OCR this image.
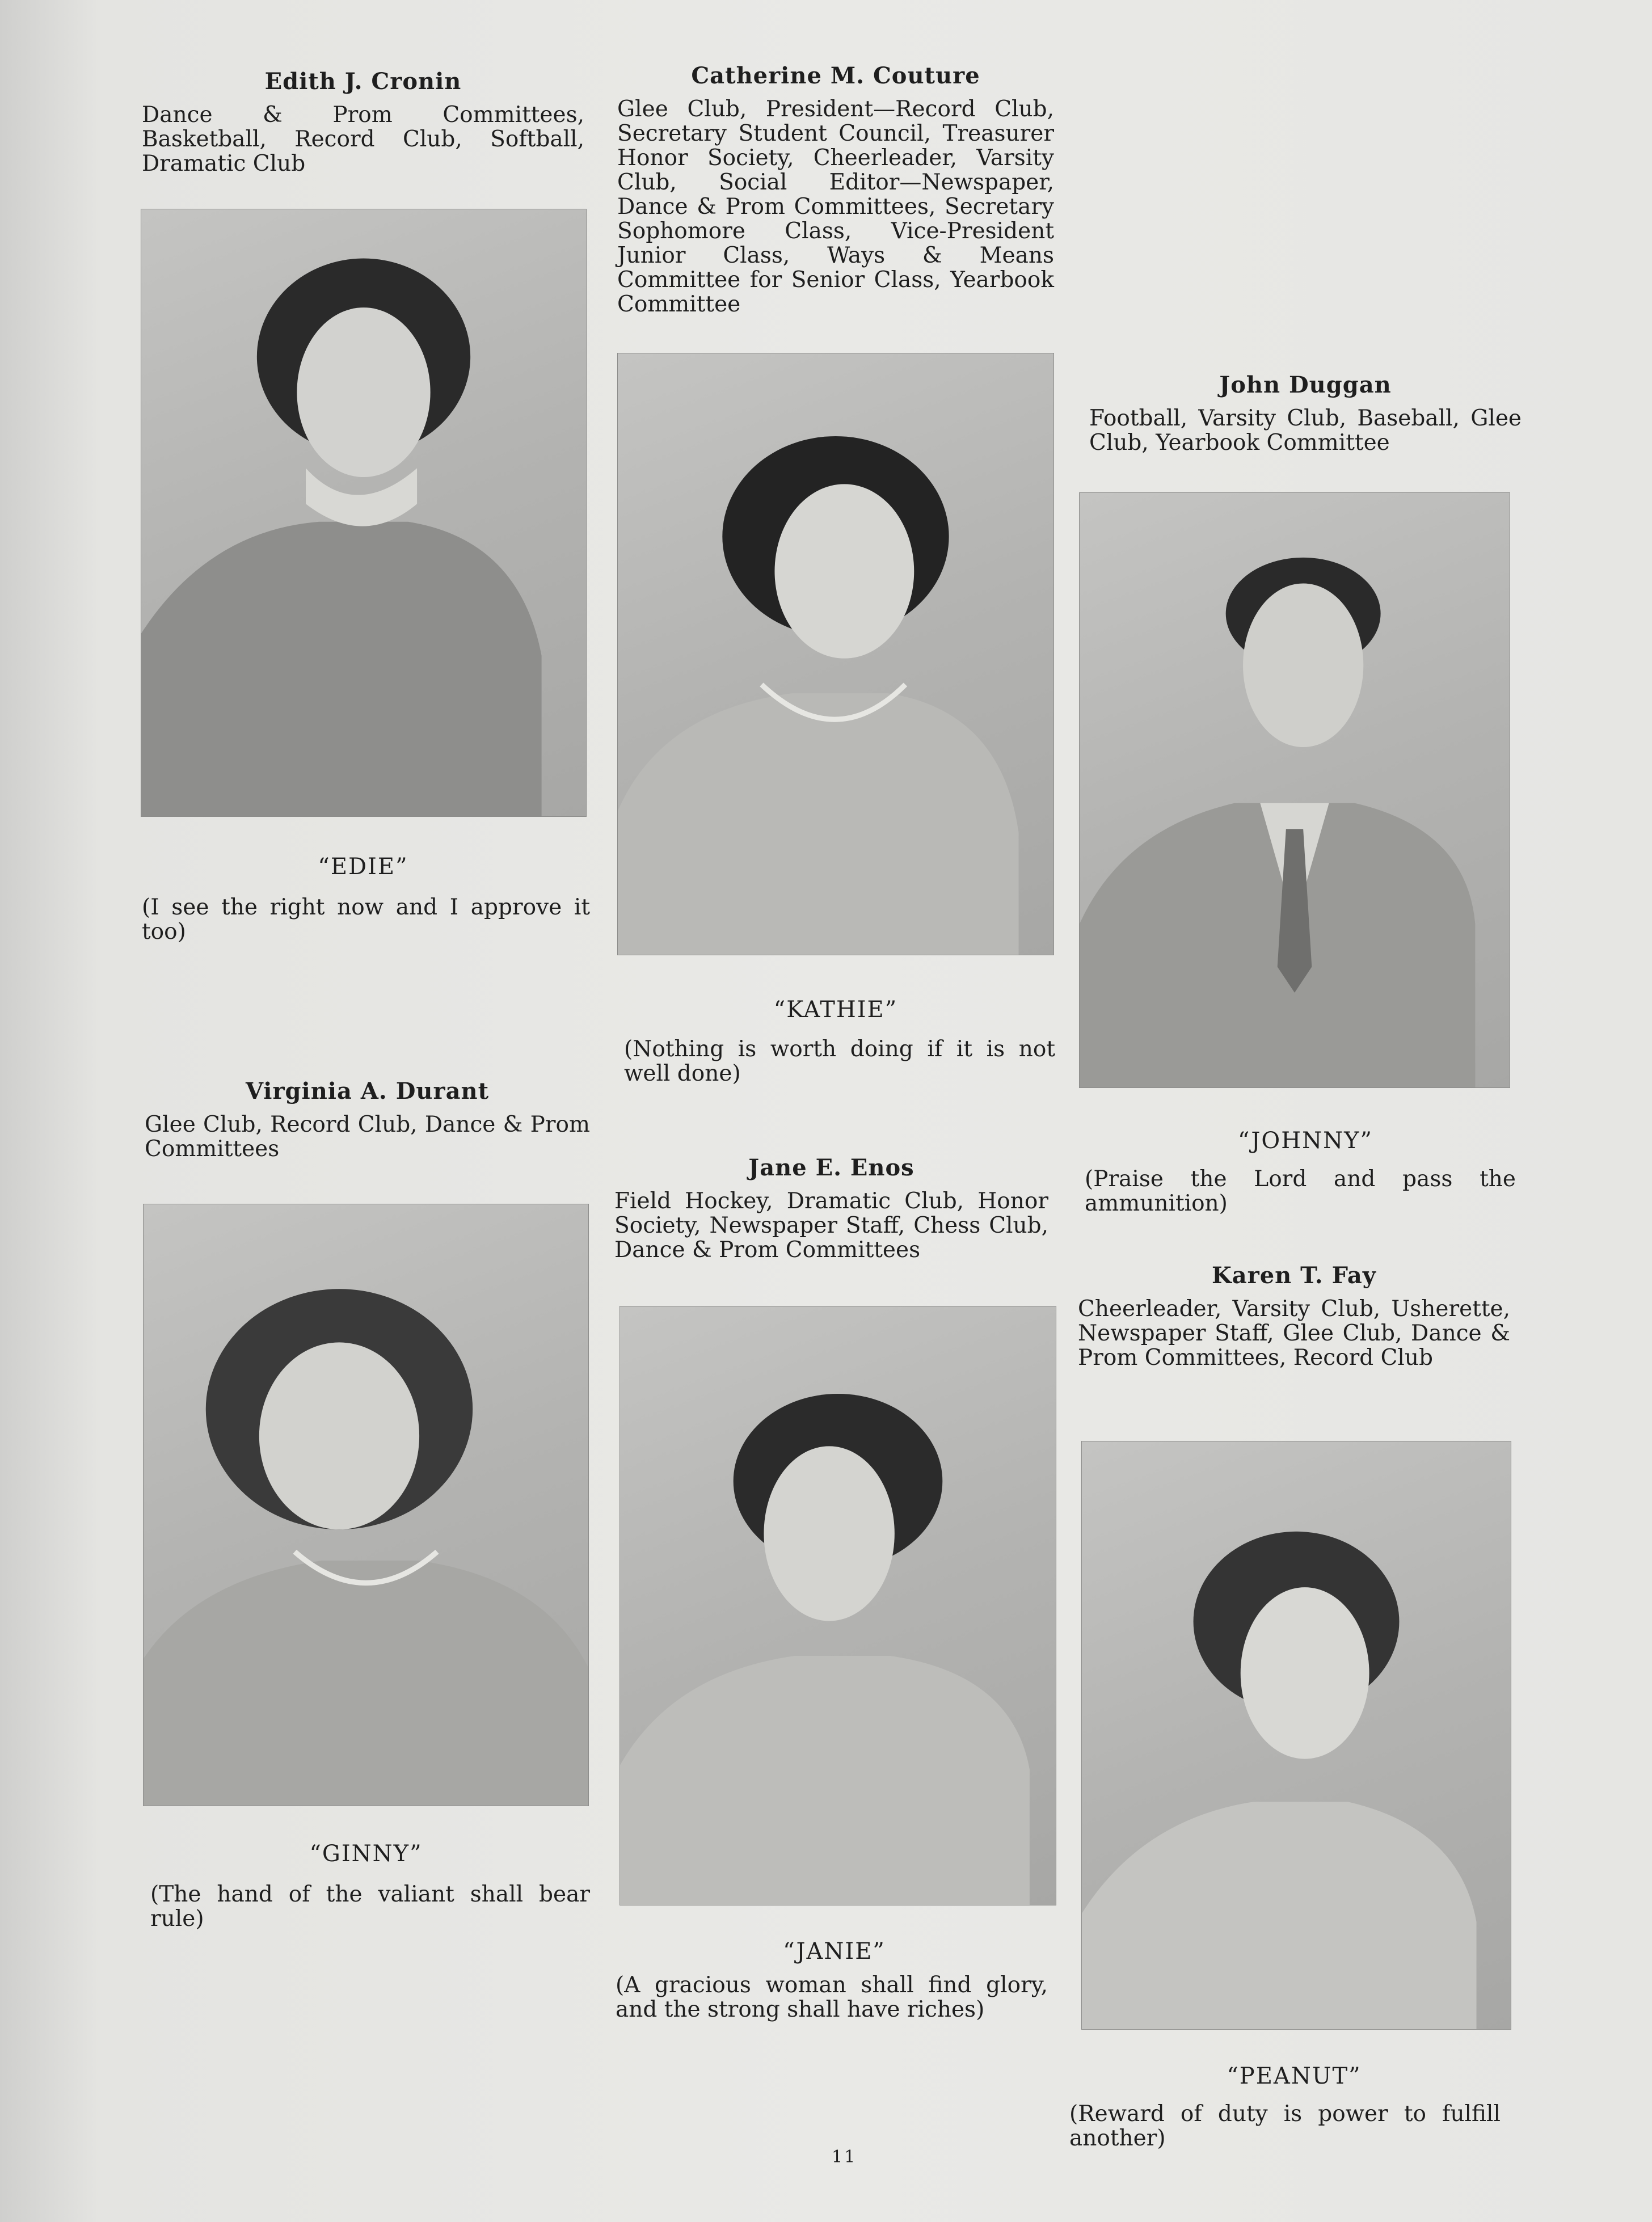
Edith J. Cronin

Dance & Prom Committees, Basketball, Record Club, Softball, Dramatic Club

“EDIE”

(I see the right now and I approve it too)

Catherine M. Couture

Glee Club, President—Record Club, Secretary Student Council, Treasurer Honor Society, Cheerleader, Varsity Club, Social Editor—Newspaper, Dance & Prom Committees, Secretary Sophomore Class, Vice-President Junior Class, Ways & Means Committee for Senior Class, Yearbook Committee

“KATHIE”

(Nothing is worth doing if it is not well done)

John Duggan

Football, Varsity Club, Baseball, Glee Club, Yearbook Committee

“JOHNNY”

(Praise the Lord and pass the ammunition)

Virginia A. Durant

Glee Club, Record Club, Dance & Prom Committees

“GINNY”

(The hand of the valiant shall bear rule)

Jane E. Enos

Field Hockey, Dramatic Club, Honor Society, Newspaper Staff, Chess Club, Dance & Prom Committees

“JANIE”

(A gracious woman shall find glory, and the strong shall have riches)

Karen T. Fay

Cheerleader, Varsity Club, Usherette, Newspaper Staff, Glee Club, Dance & Prom Committees, Record Club

“PEANUT”

(Reward of duty is power to fulfill another)

11
